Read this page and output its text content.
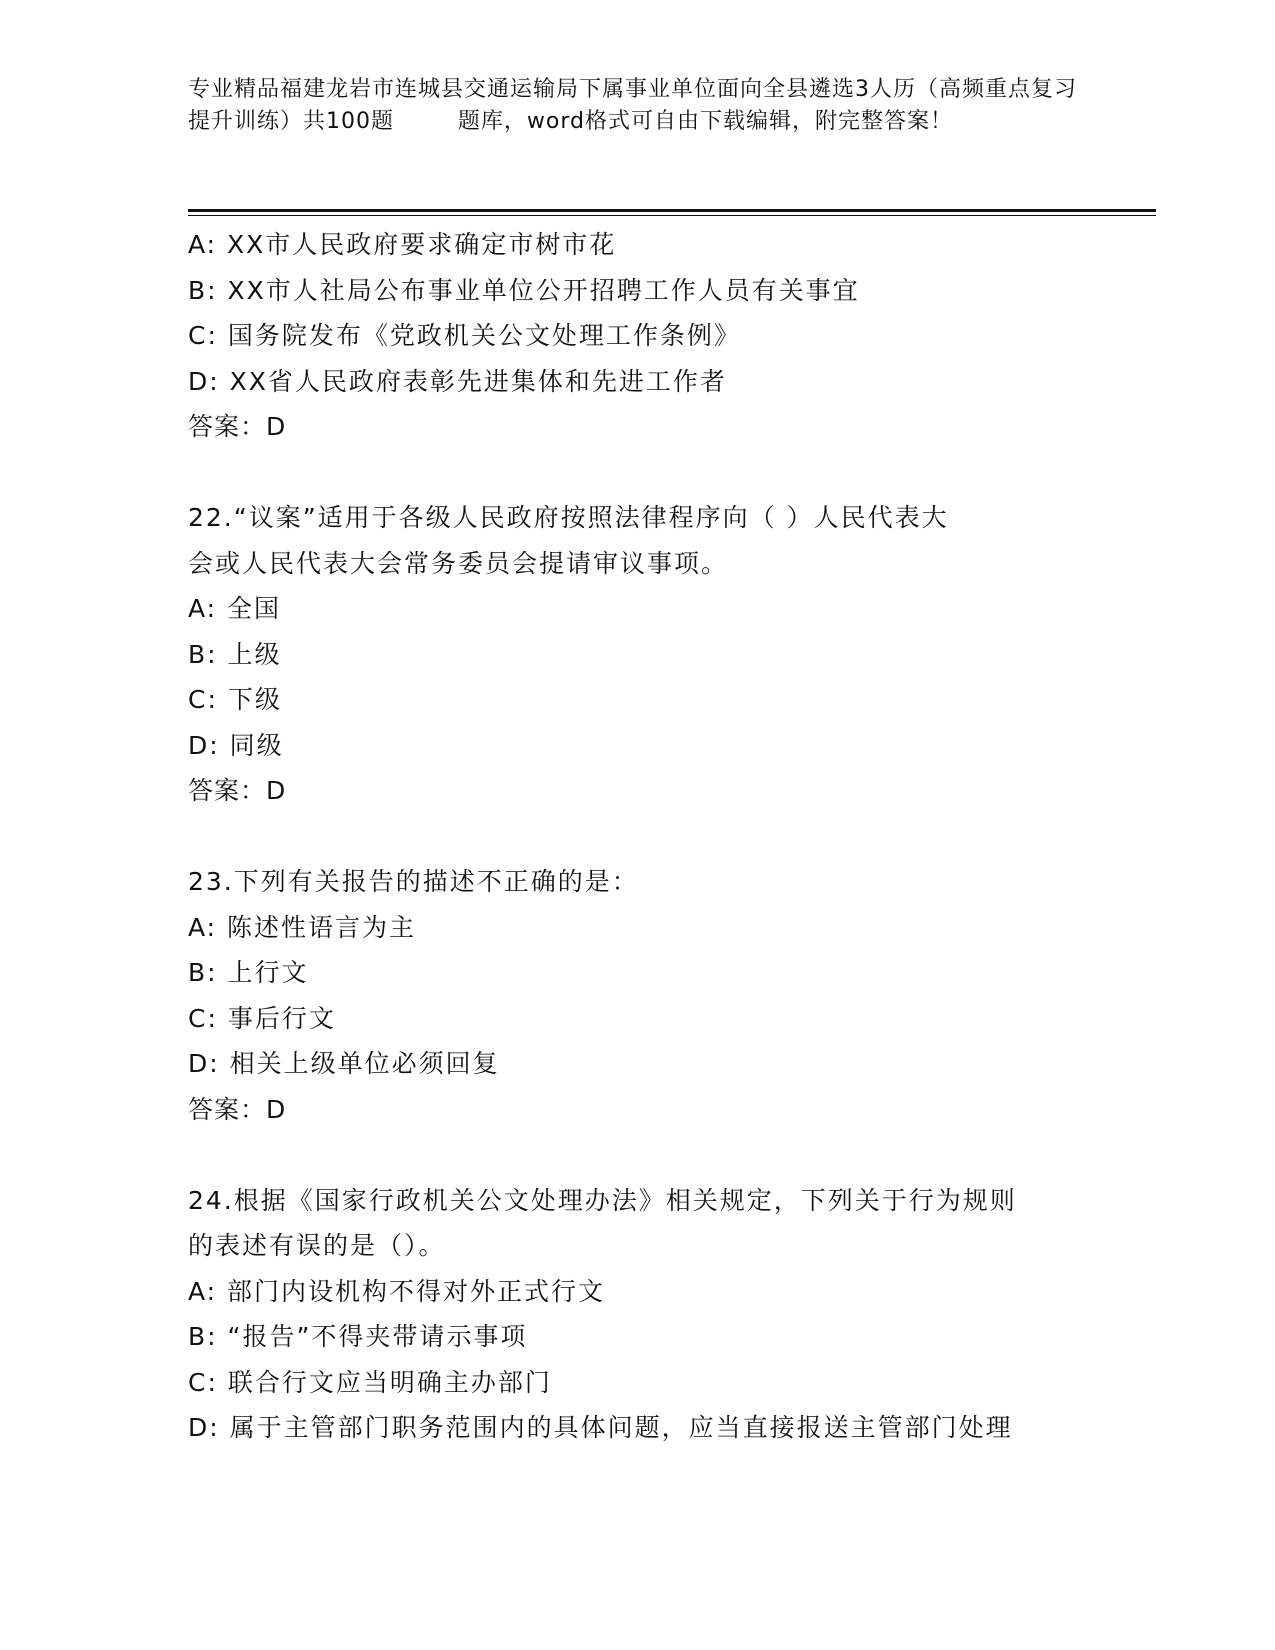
专业精品福建龙岩市连城县交通运输局下属事业单位面向全县遴选3人历（高频重点复习提升训练）共100题        题库，word格式可自由下载编辑，附完整答案！
A: XX市人民政府要求确定市树市花
B: XX市人社局公布事业单位公开招聘工作人员有关事宜
C: 国务院发布《党政机关公文处理工作条例》
D: XX省人民政府表彰先进集体和先进工作者
答案：D
22.“议案”适用于各级人民政府按照法律程序向（ ）人民代表大
会或人民代表大会常务委员会提请审议事项。
A: 全国
B: 上级
C: 下级
D: 同级
答案：D
23.下列有关报告的描述不正确的是：
A: 陈述性语言为主
B: 上行文
C: 事后行文
D: 相关上级单位必须回复
答案：D
24.根据《国家行政机关公文处理办法》相关规定，下列关于行为规则
的表述有误的是（）。
A: 部门内设机构不得对外正式行文
B: “报告”不得夹带请示事项
C: 联合行文应当明确主办部门
D: 属于主管部门职务范围内的具体问题，应当直接报送主管部门处理
